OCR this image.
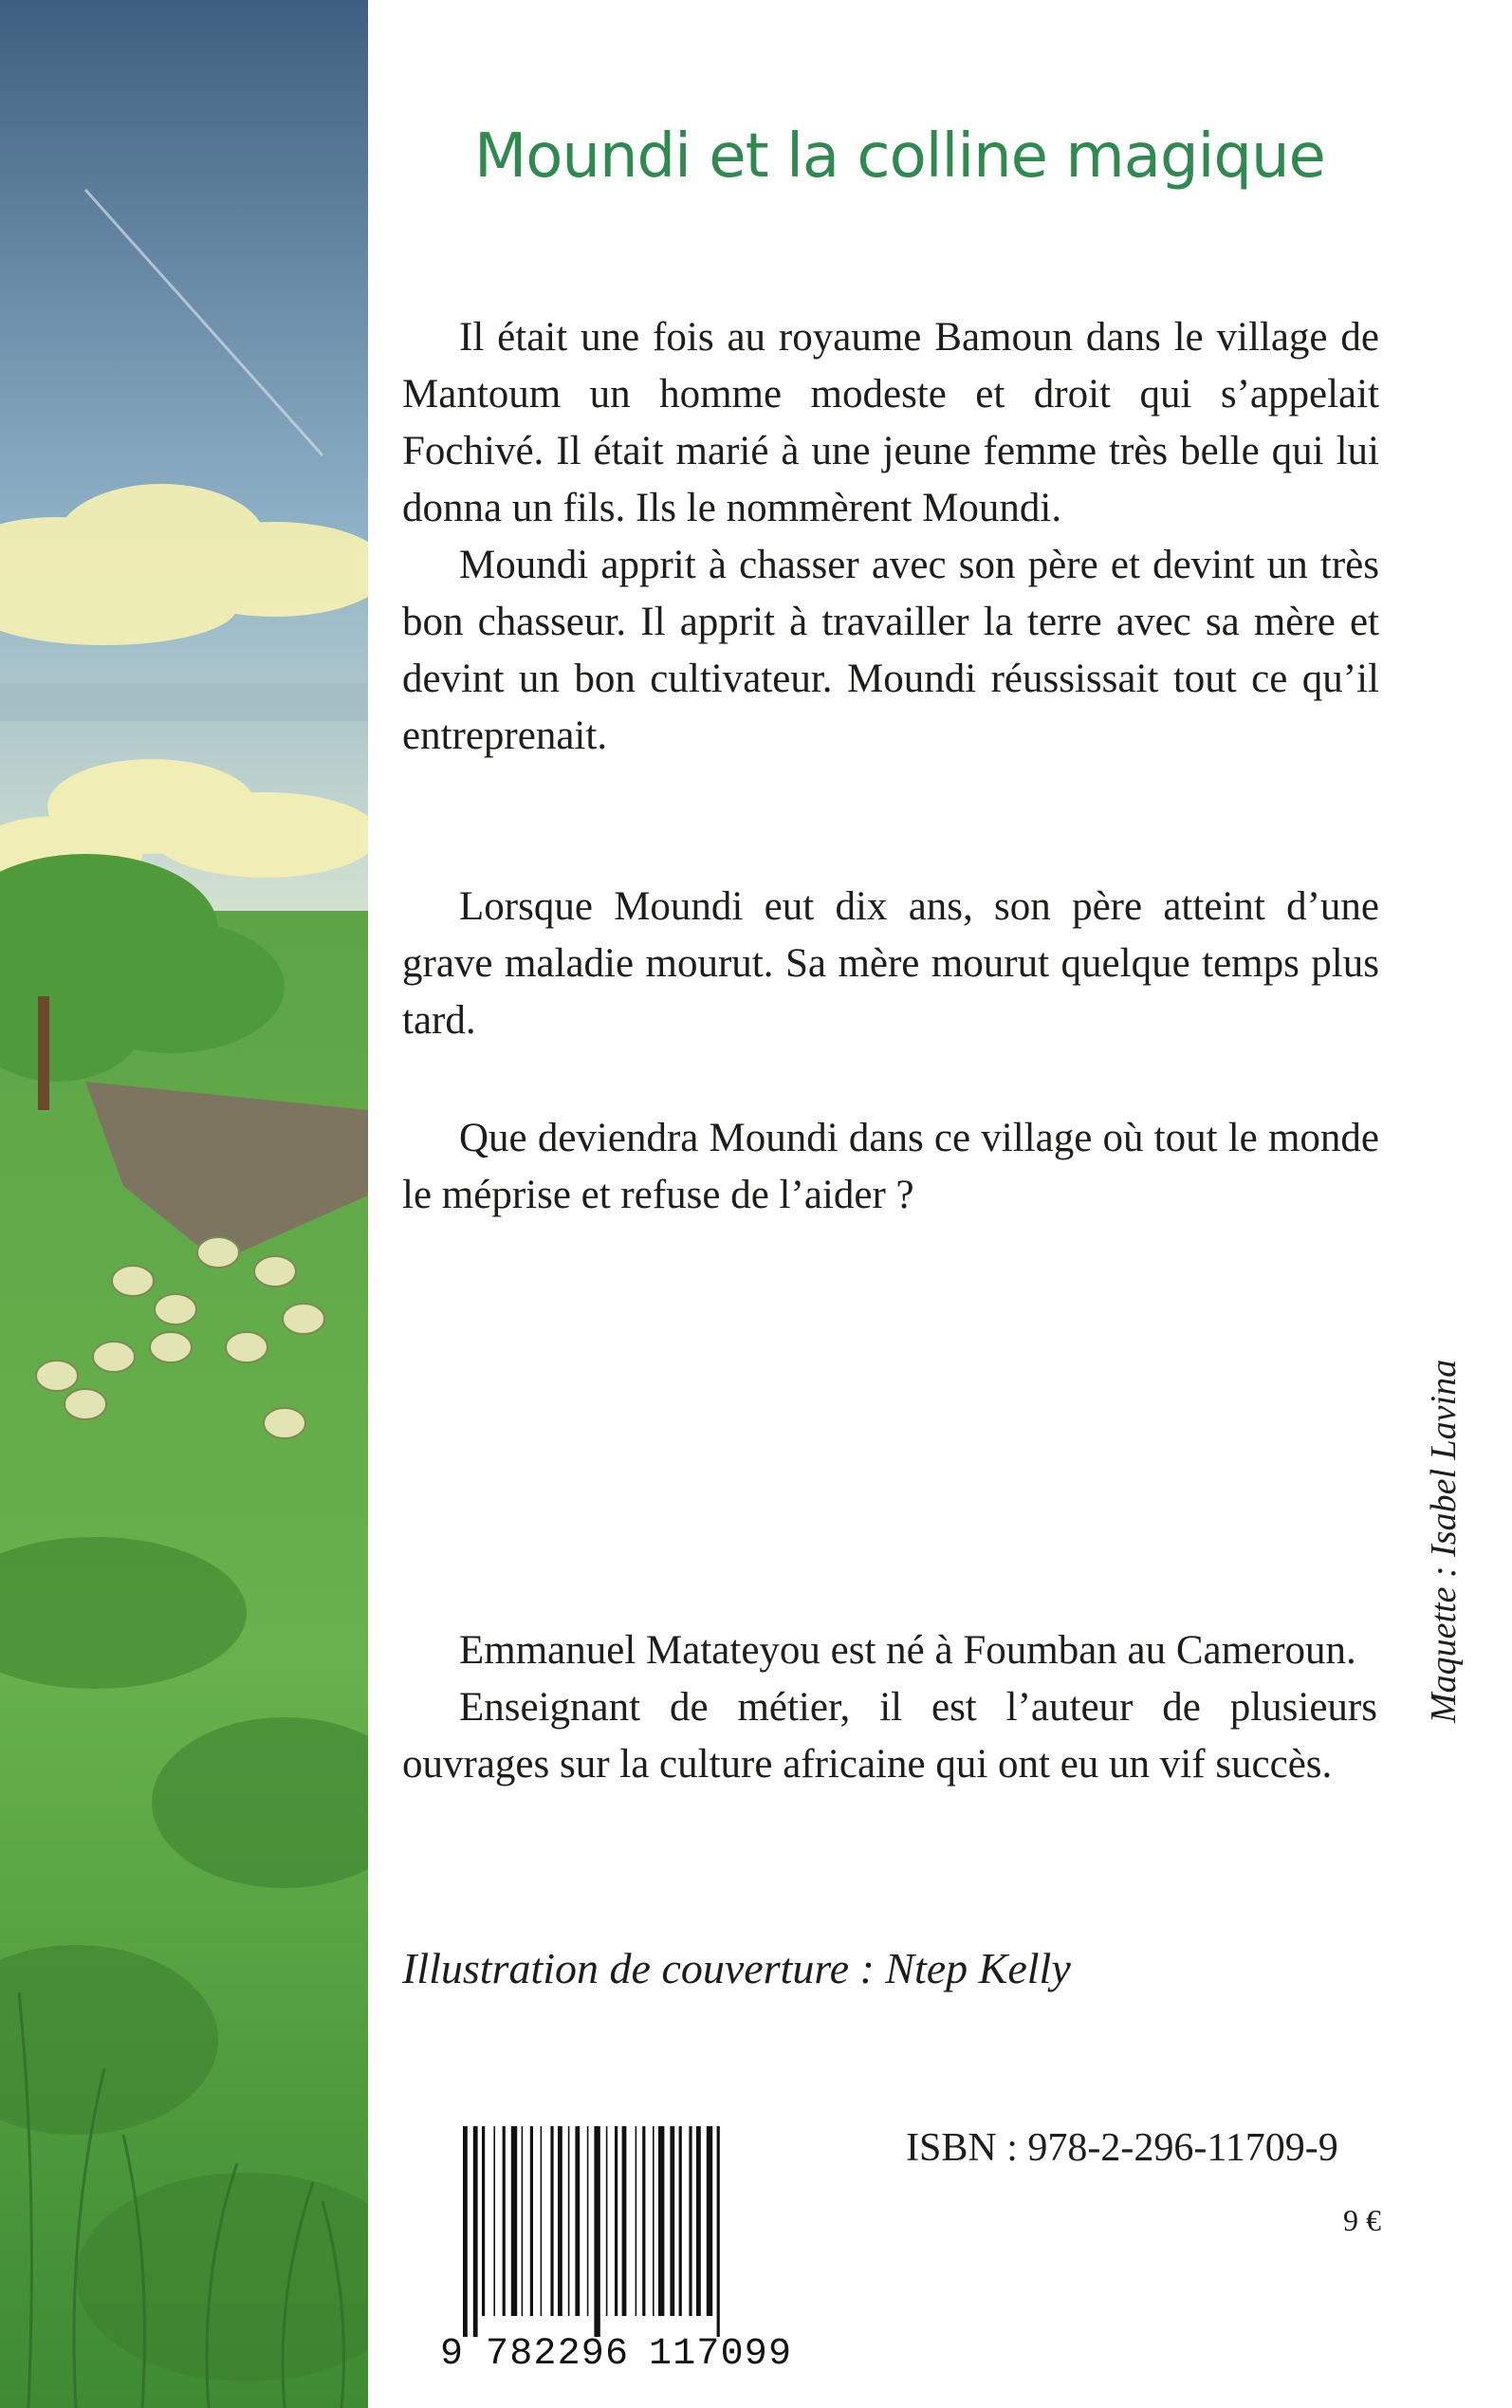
Moundi et la colline magique

Il était une fois au royaume Bamoun dans le village de Mantoum un homme modeste et droit qui s’appelait Fochivé. Il était marié à une jeune femme très belle qui lui donna un fils. Ils le nommèrent Moundi.

Moundi apprit à chasser avec son père et devint un très bon chasseur. Il apprit à travailler la terre avec sa mère et devint un bon cultivateur. Moundi réussissait tout ce qu’il entreprenait.

Lorsque Moundi eut dix ans, son père atteint d’une grave maladie mourut. Sa mère mourut quelque temps plus tard.

Que deviendra Moundi dans ce village où tout le monde le méprise et refuse de l’aider ?

Emmanuel Matateyou est né à Foumban au Cameroun.

Enseignant de métier, il est l’auteur de plusieurs ouvrages sur la culture africaine qui ont eu un vif succès.

Illustration de couverture : Ntep Kelly
Maquette : Isabel Lavina
9 782296 117099
ISBN : 978-2-296-11709-9
9 €
